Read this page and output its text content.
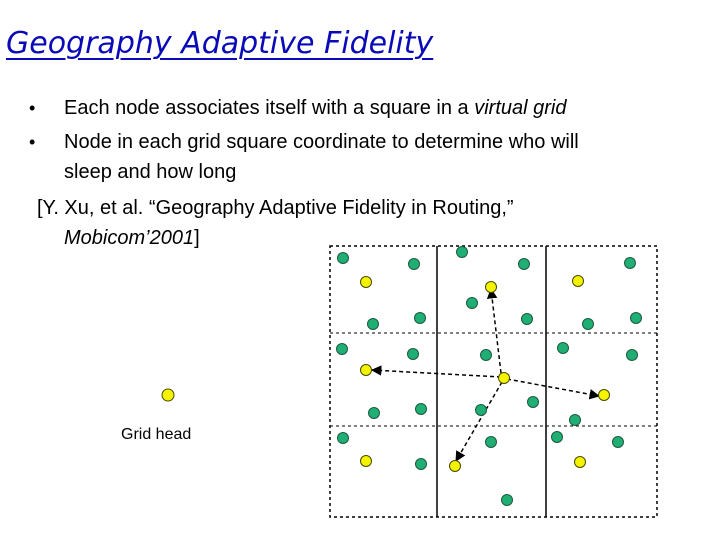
Geography Adaptive Fidelity
• Each node associates itself with a square in a virtual grid
• Node in each grid square coordinate to determine who will
sleep and how long
[Y. Xu, et al. “Geography Adaptive Fidelity in Routing,”
Mobicom’2001]
Grid head
